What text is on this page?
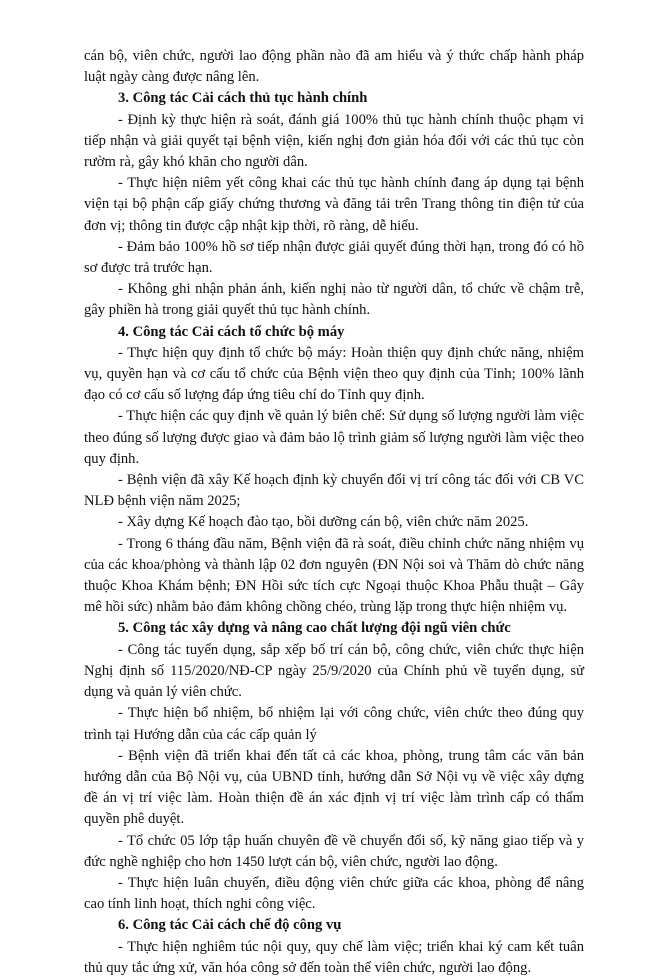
cán bộ, viên chức, người lao động phần nào đã am hiểu và ý thức chấp hành pháp luật ngày càng được nâng lên.

3. Công tác Cải cách thủ tục hành chính

- Định kỳ thực hiện rà soát, đánh giá 100% thủ tục hành chính thuộc phạm vi tiếp nhận và giải quyết tại bệnh viện, kiến nghị đơn giản hóa đối với các thủ tục còn rườm rà, gây khó khăn cho người dân.

- Thực hiện niêm yết công khai các thủ tục hành chính đang áp dụng tại bệnh viện tại bộ phận cấp giấy chứng thương và đăng tải trên Trang thông tin điện tử của đơn vị; thông tin được cập nhật kịp thời, rõ ràng, dễ hiểu.

- Đảm bảo 100% hồ sơ tiếp nhận được giải quyết đúng thời hạn, trong đó có hồ sơ được trả trước hạn.

- Không ghi nhận phản ánh, kiến nghị nào từ người dân, tổ chức về chậm trễ, gây phiền hà trong giải quyết thủ tục hành chính.

4. Công tác Cải cách tổ chức bộ máy

- Thực hiện quy định tổ chức bộ máy: Hoàn thiện quy định chức năng, nhiệm vụ, quyền hạn và cơ cấu tổ chức của Bệnh viện theo quy định của Tỉnh; 100% lãnh đạo có cơ cấu số lượng đáp ứng tiêu chí do Tỉnh quy định.

- Thực hiện các quy định về quản lý biên chế: Sử dụng số lượng người làm việc theo đúng số lượng được giao và đảm bảo lộ trình giảm số lượng người làm việc theo quy định.

- Bệnh viện đã xây Kế hoạch định kỳ chuyển đổi vị trí công tác đối với CB VC NLĐ bệnh viện năm 2025;

- Xây dựng Kế hoạch đào tạo, bồi dưỡng cán bộ, viên chức năm 2025.

- Trong 6 tháng đầu năm, Bệnh viện đã rà soát, điều chỉnh chức năng nhiệm vụ của các khoa/phòng và thành lập 02 đơn nguyên (ĐN Nội soi và Thăm dò chức năng thuộc Khoa Khám bệnh; ĐN Hồi sức tích cực Ngoại thuộc Khoa Phẫu thuật – Gây mê hồi sức) nhằm bảo đảm không chồng chéo, trùng lặp trong thực hiện nhiệm vụ.

5. Công tác xây dựng và nâng cao chất lượng đội ngũ viên chức

- Công tác tuyển dụng, sắp xếp bố trí cán bộ, công chức, viên chức thực hiện Nghị định số 115/2020/NĐ-CP ngày 25/9/2020 của Chính phủ về tuyển dụng, sử dụng và quản lý viên chức.

- Thực hiện bổ nhiệm, bổ nhiệm lại với công chức, viên chức theo đúng quy trình tại Hướng dẫn của các cấp quản lý

- Bệnh viện đã triển khai đến tất cả các khoa, phòng, trung tâm các văn bản hướng dẫn của Bộ Nội vụ, của UBND tỉnh, hướng dẫn Sở Nội vụ về việc xây dựng đề án vị trí việc làm. Hoàn thiện đề án xác định vị trí việc làm trình cấp có thẩm quyền phê duyệt.

- Tổ chức 05 lớp tập huấn chuyên đề về chuyển đổi số, kỹ năng giao tiếp và y đức nghề nghiệp cho hơn 1450 lượt cán bộ, viên chức, người lao động.

- Thực hiện luân chuyển, điều động viên chức giữa các khoa, phòng để nâng cao tính linh hoạt, thích nghi công việc.

6. Công tác Cải cách chế độ công vụ

- Thực hiện nghiêm túc nội quy, quy chế làm việc; triển khai ký cam kết tuân thủ quy tắc ứng xử, văn hóa công sở đến toàn thể viên chức, người lao động.
